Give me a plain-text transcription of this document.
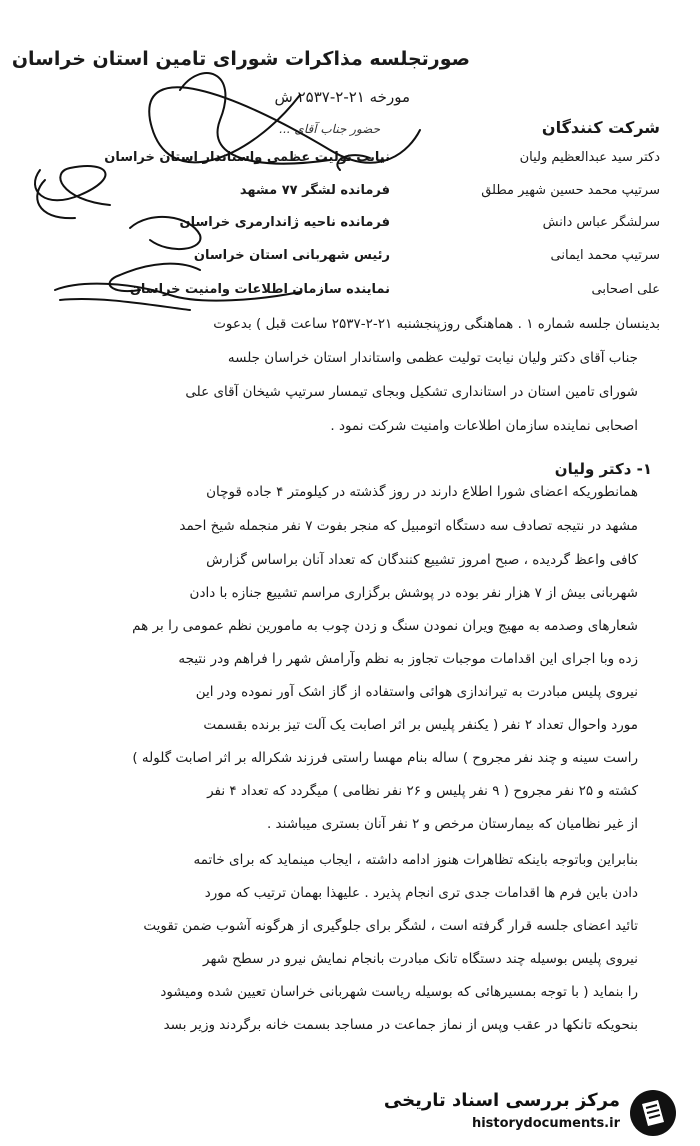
صورتجلسه مذاکرات شورای تامین استان خراسان
مورخه ۲۱-۲-۲۵۳۷ ش
حضور جناب آقای ...	شرکت کنندگان
دکتر سید عبدالعظیم ولیان
نیابت تولیت عظمی واستاندار استان خراسان
سرتیپ محمد حسین شهیر مطلق
فرمانده لشگر ۷۷ مشهد
سرلشگر عباس دانش
فرمانده ناحیه ژاندارمری خراسان
سرتیپ محمد ایمانی
رئیس شهربانی استان خراسان
علی اصحابی
نماینده سازمان اطلاعات وامنیت خراسان
بدینسان جلسه شماره ۱ . هماهنگی روزپنجشنبه ۲۱-۲-۲۵۳۷ ساعت قبل ) بدعوت
جناب آقای دکتر ولیان نیابت تولیت عظمی واستاندار استان خراسان جلسه
شورای تامین استان در استانداری تشکیل وبجای تیمسار سرتیپ شیخان آقای علی
اصحابی نماینده سازمان اطلاعات وامنیت شرکت نمود .
۱- دکتر ولیان
همانطوریکه اعضای شورا اطلاع دارند در روز گذشته در کیلومتر ۴ جاده قوچان
مشهد در نتیجه تصادف سه دستگاه اتومبیل که منجر بفوت ۷ نفر منجمله شیخ احمد
کافی واعظ گردیده ، صبح امروز تشییع کنندگان که تعداد آنان براساس گزارش
شهربانی بیش از ۷ هزار نفر بوده در پوشش برگزاری مراسم تشییع جنازه با دادن
شعارهای وصدمه به مهیج ویران نمودن سنگ و زدن چوب به مامورین نظم عمومی را بر هم
زده وبا اجرای این اقدامات موجبات تجاوز به نظم وآرامش شهر را فراهم ودر نتیجه
نیروی پلیس مبادرت به تیراندازی هوائی واستفاده از گاز اشک آور نموده ودر این
مورد واحوال تعداد ۲ نفر ( یکنفر پلیس بر اثر اصابت یک آلت تیز برنده بقسمت
راست سینه و چند نفر مجروح ) ساله بنام مهسا راستی فرزند شکراله بر اثر اصابت گلوله )
کشته و ۲۵ نفر مجروح ( ۹ نفر پلیس و ۲۶ نفر نظامی ) میگردد که تعداد ۴ نفر
از غیر نظامیان که بیمارستان مرخص و ۲ نفر آنان بستری میباشند .
بنابراین وباتوجه باینکه تظاهرات هنوز ادامه داشته ، ایجاب مینماید که برای خاتمه
دادن باین فرم ها اقدامات جدی تری انجام پذیرد . علیهذا بهمان ترتیب که مورد
تائید اعضای جلسه قرار گرفته است ، لشگر برای جلوگیری از هرگونه آشوب ضمن تقویت
نیروی پلیس بوسیله چند دستگاه تانک مبادرت بانجام نمایش نیرو در سطح شهر
را بنماید ( با توجه بمسیرهائی که بوسیله ریاست شهربانی خراسان تعیین شده ومیشود
بنحویکه تانکها در عقب وپس از نماز جماعت در مساجد بسمت خانه برگردند وزیر بسد
مرکز بررسی اسناد تاریخی
historydocuments.ir
